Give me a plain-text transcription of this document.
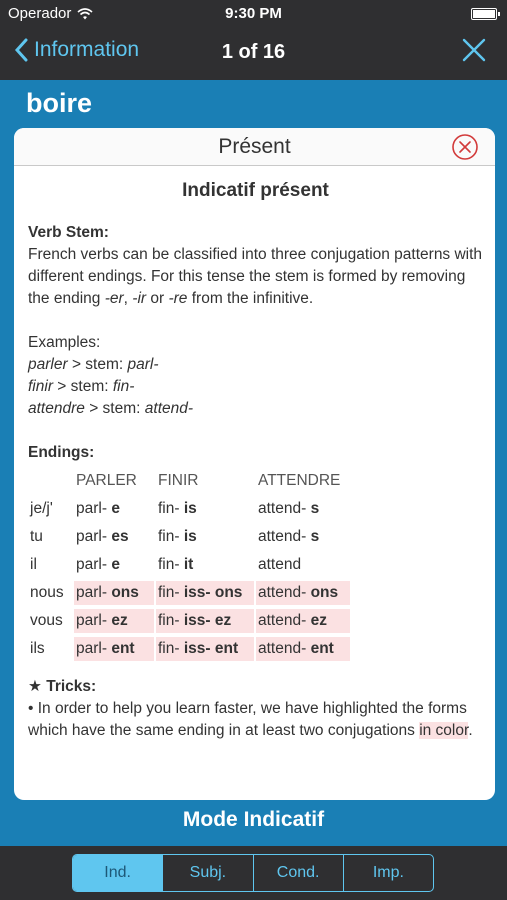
Operador	9:30 PM
Information	1 of 16
boire
Présent
Indicatif présent

Verb Stem:

French verbs can be classified into three conjugation patterns with different endings. For this tense the stem is formed by removing the ending -er, -ir or -re from the infinitive.

Examples:

parler > stem: parl-

finir > stem: fin-

attendre > stem: attend-

Endings:

	PARLER	FINIR	ATTENDRE
je/j'	parl- e	fin- is	attend- s
tu	parl- es	fin- is	attend- s
il	parl- e	fin- it	attend
nous	parl- ons	fin- iss- ons	attend- ons
vous	parl- ez	fin- iss- ez	attend- ez
ils	parl- ent	fin- iss- ent	attend- ent

★ Tricks:

• In order to help you learn faster, we have highlighted the forms which have the same ending in at least two conjugations in color.

Mode Indicatif
Ind.	Subj.	Cond.	Imp.
